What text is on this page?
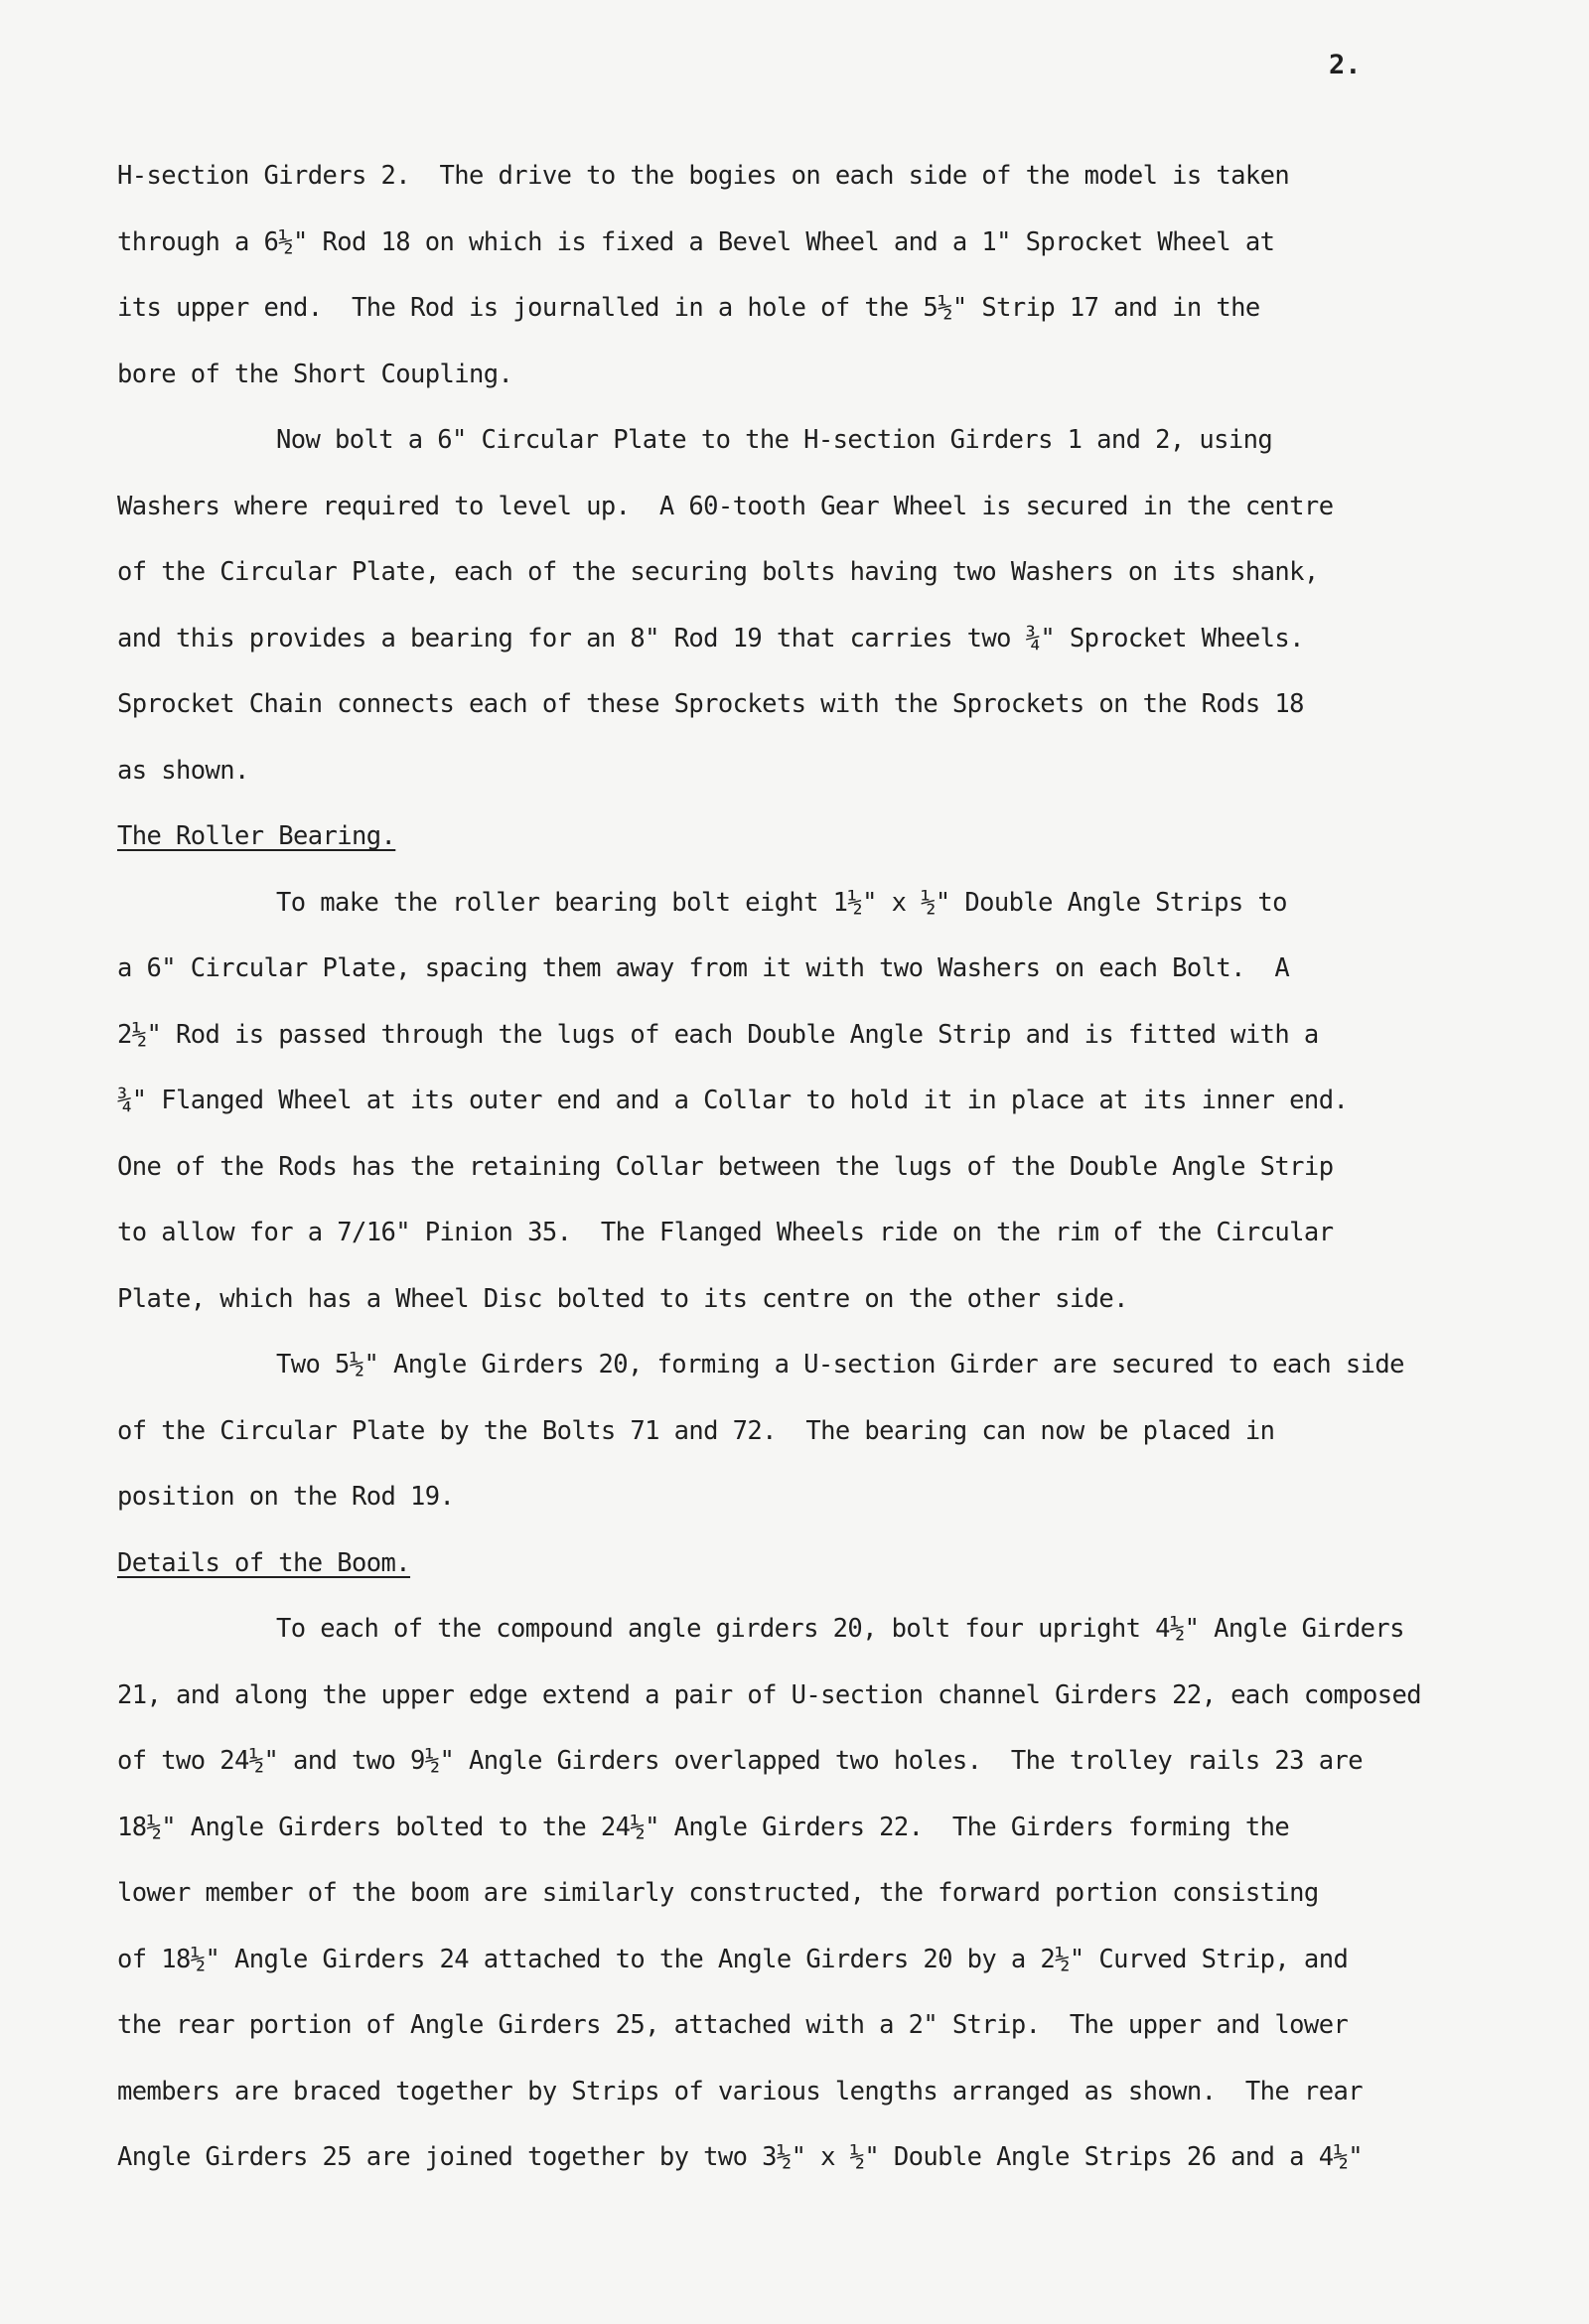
2.
H-section Girders 2.  The drive to the bogies on each side of the model is taken
through a 6½" Rod 18 on which is fixed a Bevel Wheel and a 1" Sprocket Wheel at
its upper end.  The Rod is journalled in a hole of the 5½" Strip 17 and in the
bore of the Short Coupling.
Now bolt a 6" Circular Plate to the H-section Girders 1 and 2, using
Washers where required to level up.  A 60-tooth Gear Wheel is secured in the centre
of the Circular Plate, each of the securing bolts having two Washers on its shank,
and this provides a bearing for an 8" Rod 19 that carries two ¾" Sprocket Wheels.
Sprocket Chain connects each of these Sprockets with the Sprockets on the Rods 18
as shown.
The Roller Bearing.
To make the roller bearing bolt eight 1½" x ½" Double Angle Strips to
a 6" Circular Plate, spacing them away from it with two Washers on each Bolt.  A
2½" Rod is passed through the lugs of each Double Angle Strip and is fitted with a
¾" Flanged Wheel at its outer end and a Collar to hold it in place at its inner end.
One of the Rods has the retaining Collar between the lugs of the Double Angle Strip
to allow for a 7/16" Pinion 35.  The Flanged Wheels ride on the rim of the Circular
Plate, which has a Wheel Disc bolted to its centre on the other side.
Two 5½" Angle Girders 20, forming a U-section Girder are secured to each side
of the Circular Plate by the Bolts 71 and 72.  The bearing can now be placed in
position on the Rod 19.
Details of the Boom.
To each of the compound angle girders 20, bolt four upright 4½" Angle Girders
21, and along the upper edge extend a pair of U-section channel Girders 22, each composed
of two 24½" and two 9½" Angle Girders overlapped two holes.  The trolley rails 23 are
18½" Angle Girders bolted to the 24½" Angle Girders 22.  The Girders forming the
lower member of the boom are similarly constructed, the forward portion consisting
of 18½" Angle Girders 24 attached to the Angle Girders 20 by a 2½" Curved Strip, and
the rear portion of Angle Girders 25, attached with a 2" Strip.  The upper and lower
members are braced together by Strips of various lengths arranged as shown.  The rear
Angle Girders 25 are joined together by two 3½" x ½" Double Angle Strips 26 and a 4½"
